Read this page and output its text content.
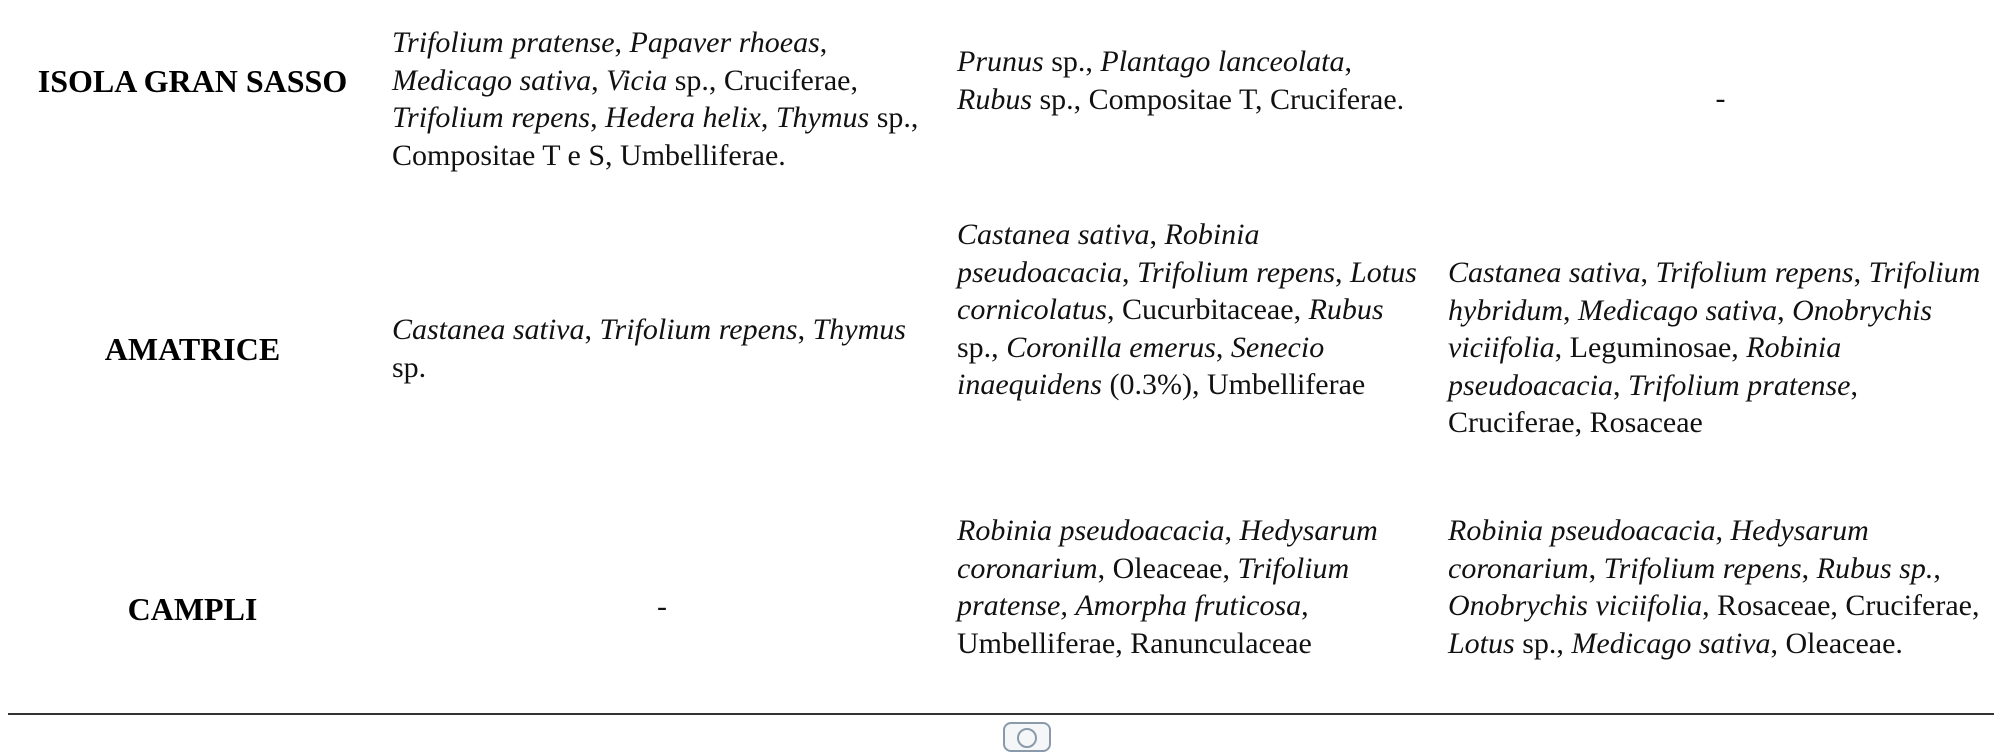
ISOLA GRAN SASSO
Trifolium pratense, Papaver rhoeas, Medicago sativa, Vicia sp., Cruciferae, Trifolium repens, Hedera helix, Thymus sp., Compositae T e S, Umbelliferae.
Prunus sp., Plantago lanceolata, Rubus sp., Compositae T, Cruciferae.	-
AMATRICE
Castanea sativa, Trifolium repens, Thymus sp.
Castanea sativa, Robinia pseudoacacia, Trifolium repens, Lotus cornicolatus, Cucurbitaceae, Rubus sp., Coronilla emerus, Senecio inaequidens (0.3%), Umbelliferae
Castanea sativa, Trifolium repens, Trifolium hybridum, Medicago sativa, Onobrychis viciifolia, Leguminosae, Robinia pseudoacacia, Trifolium pratense, Cruciferae, Rosaceae
CAMPLI	-
Robinia pseudoacacia, Hedysarum coronarium, Oleaceae, Trifolium pratense, Amorpha fruticosa, Umbelliferae, Ranunculaceae
Robinia pseudoacacia, Hedysarum coronarium, Trifolium repens, Rubus sp., Onobrychis viciifolia, Rosaceae, Cruciferae, Lotus sp., Medicago sativa, Oleaceae.
